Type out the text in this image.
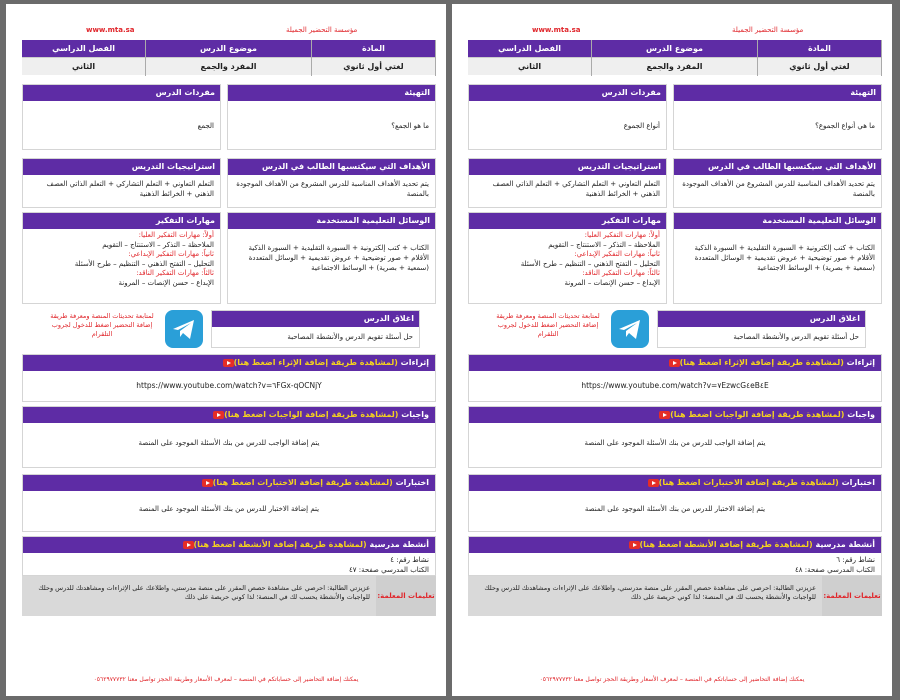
www.mta.sa	مؤسسة التحضير الجميلة
المادة
لغتي أول ثانوي
موضوع الدرس
المفرد والجمع
الفصل الدراسي
الثاني
التهيئة
ما هو الجمع؟
مفردات الدرس
الجمع
الأهداف التي سيكتسبها الطالب في الدرس
يتم تحديد الأهداف المناسبة للدرس المشروع من الأهداف الموجودة بالمنصة
استراتيجيات التدريس
التعلم التعاوني + التعلم التشاركي + التعلم الذاتي العصف الذهني + الخرائط الذهنية
الوسائل التعليمية المستخدمة
الكتاب + كتب إلكترونية + السبورة التقليدية + السبورة الذكية الأقلام + صور توضيحية + عروض تقديمية + الوسائل المتعددة (سمعية + بصرية) + الوسائط الاجتماعية
مهارات التفكير
أولاً: مهارات التفكير العليا:
الملاحظة – التذكر – الاستنتاج – التقويم
ثانياً: مهارات التفكير الإبداعي:
التحليل – التفتح الذهني – التنظيم – طرح الأسئلة
ثالثاً: مهارات التفكير الناقد:
الإبداع – حسن الإنصات – المرونة
لمتابعة تحديثات المنصة ومعرفة طريقة إضافة التحضير اضغط للدخول لجروب التلقرام
اغلاق الدرس
حل أسئلة تقويم الدرس والأنشطة المصاحبة
إثراءات (لمشاهدة طريقة إضافة الإثراء اضغط هنا)
https://www.youtube.com/watch?v=٦FGx-qOCNjY
واجبات (لمشاهدة طريقة إضافة الواجبات اضغط هنا)
يتم إضافة الواجب للدرس من بنك الأسئلة الموجود على المنصة
اختبارات (لمشاهدة طريقة إضافة الاختبارات اضغط هنا)
يتم إضافة الاختبار للدرس من بنك الأسئلة الموجود على المنصة
أنشطة مدرسية (لمشاهدة طريقة إضافة الأنشطة اضغط هنا)
نشاط رقم: ٤
الكتاب المدرسي صفحة: ٤٧
تعليمات المعلمة:
عزيزتي الطالبة: احرصي على مشاهدة حصص المقرر على منصة مدرستي، واطلاعك على الإثراءات ومشاهدتك للدرس وحلك للواجبات والأنشطة يحسب لك في المنصة؛ لذا كوني حريصة على ذلك
يمكنك إضافة التحاضير إلى حساباتكم في المنصة – لمعرف الأسعار وطريقة الحجز تواصل معنا ٠٥٦٢٩٧٧٧٣٢
www.mta.sa	مؤسسة التحضير الجميلة
المادة
لغتي أول ثانوي
موضوع الدرس
المفرد والجمع
الفصل الدراسي
الثاني
التهيئة
ما هي أنواع الجموع؟
مفردات الدرس
أنواع الجموع
الأهداف التي سيكتسبها الطالب في الدرس
يتم تحديد الأهداف المناسبة للدرس المشروع من الأهداف الموجودة بالمنصة
استراتيجيات التدريس
التعلم التعاوني + التعلم التشاركي + التعلم الذاتي العصف الذهني + الخرائط الذهنية
الوسائل التعليمية المستخدمة
الكتاب + كتب إلكترونية + السبورة التقليدية + السبورة الذكية الأقلام + صور توضيحية + عروض تقديمية + الوسائل المتعددة (سمعية + بصرية) + الوسائط الاجتماعية
مهارات التفكير
أولاً: مهارات التفكير العليا:
الملاحظة – التذكر – الاستنتاج – التقويم
ثانياً: مهارات التفكير الإبداعي:
التحليل – التفتح الذهني – التنظيم – طرح الأسئلة
ثالثاً: مهارات التفكير الناقد:
الإبداع – حسن الإنصات – المرونة
لمتابعة تحديثات المنصة ومعرفة طريقة إضافة التحضير اضغط للدخول لجروب التلقرام
اغلاق الدرس
حل أسئلة تقويم الدرس والأنشطة المصاحبة
إثراءات (لمشاهدة طريقة إضافة الإثراء اضغط هنا)
https://www.youtube.com/watch?v=٧EzwcG٤eB٤E
واجبات (لمشاهدة طريقة إضافة الواجبات اضغط هنا)
يتم إضافة الواجب للدرس من بنك الأسئلة الموجود على المنصة
اختبارات (لمشاهدة طريقة إضافة الاختبارات اضغط هنا)
يتم إضافة الاختبار للدرس من بنك الأسئلة الموجود على المنصة
أنشطة مدرسية (لمشاهدة طريقة إضافة الأنشطة اضغط هنا)
نشاط رقم: ٦
الكتاب المدرسي صفحة: ٤٨
تعليمات المعلمة:
عزيزتي الطالبة: احرصي على مشاهدة حصص المقرر على منصة مدرستي، واطلاعك على الإثراءات ومشاهدتك للدرس وحلك للواجبات والأنشطة يحسب لك في المنصة؛ لذا كوني حريصة على ذلك
يمكنك إضافة التحاضير إلى حساباتكم في المنصة – لمعرف الأسعار وطريقة الحجز تواصل معنا ٠٥٦٢٩٧٧٧٣٢
